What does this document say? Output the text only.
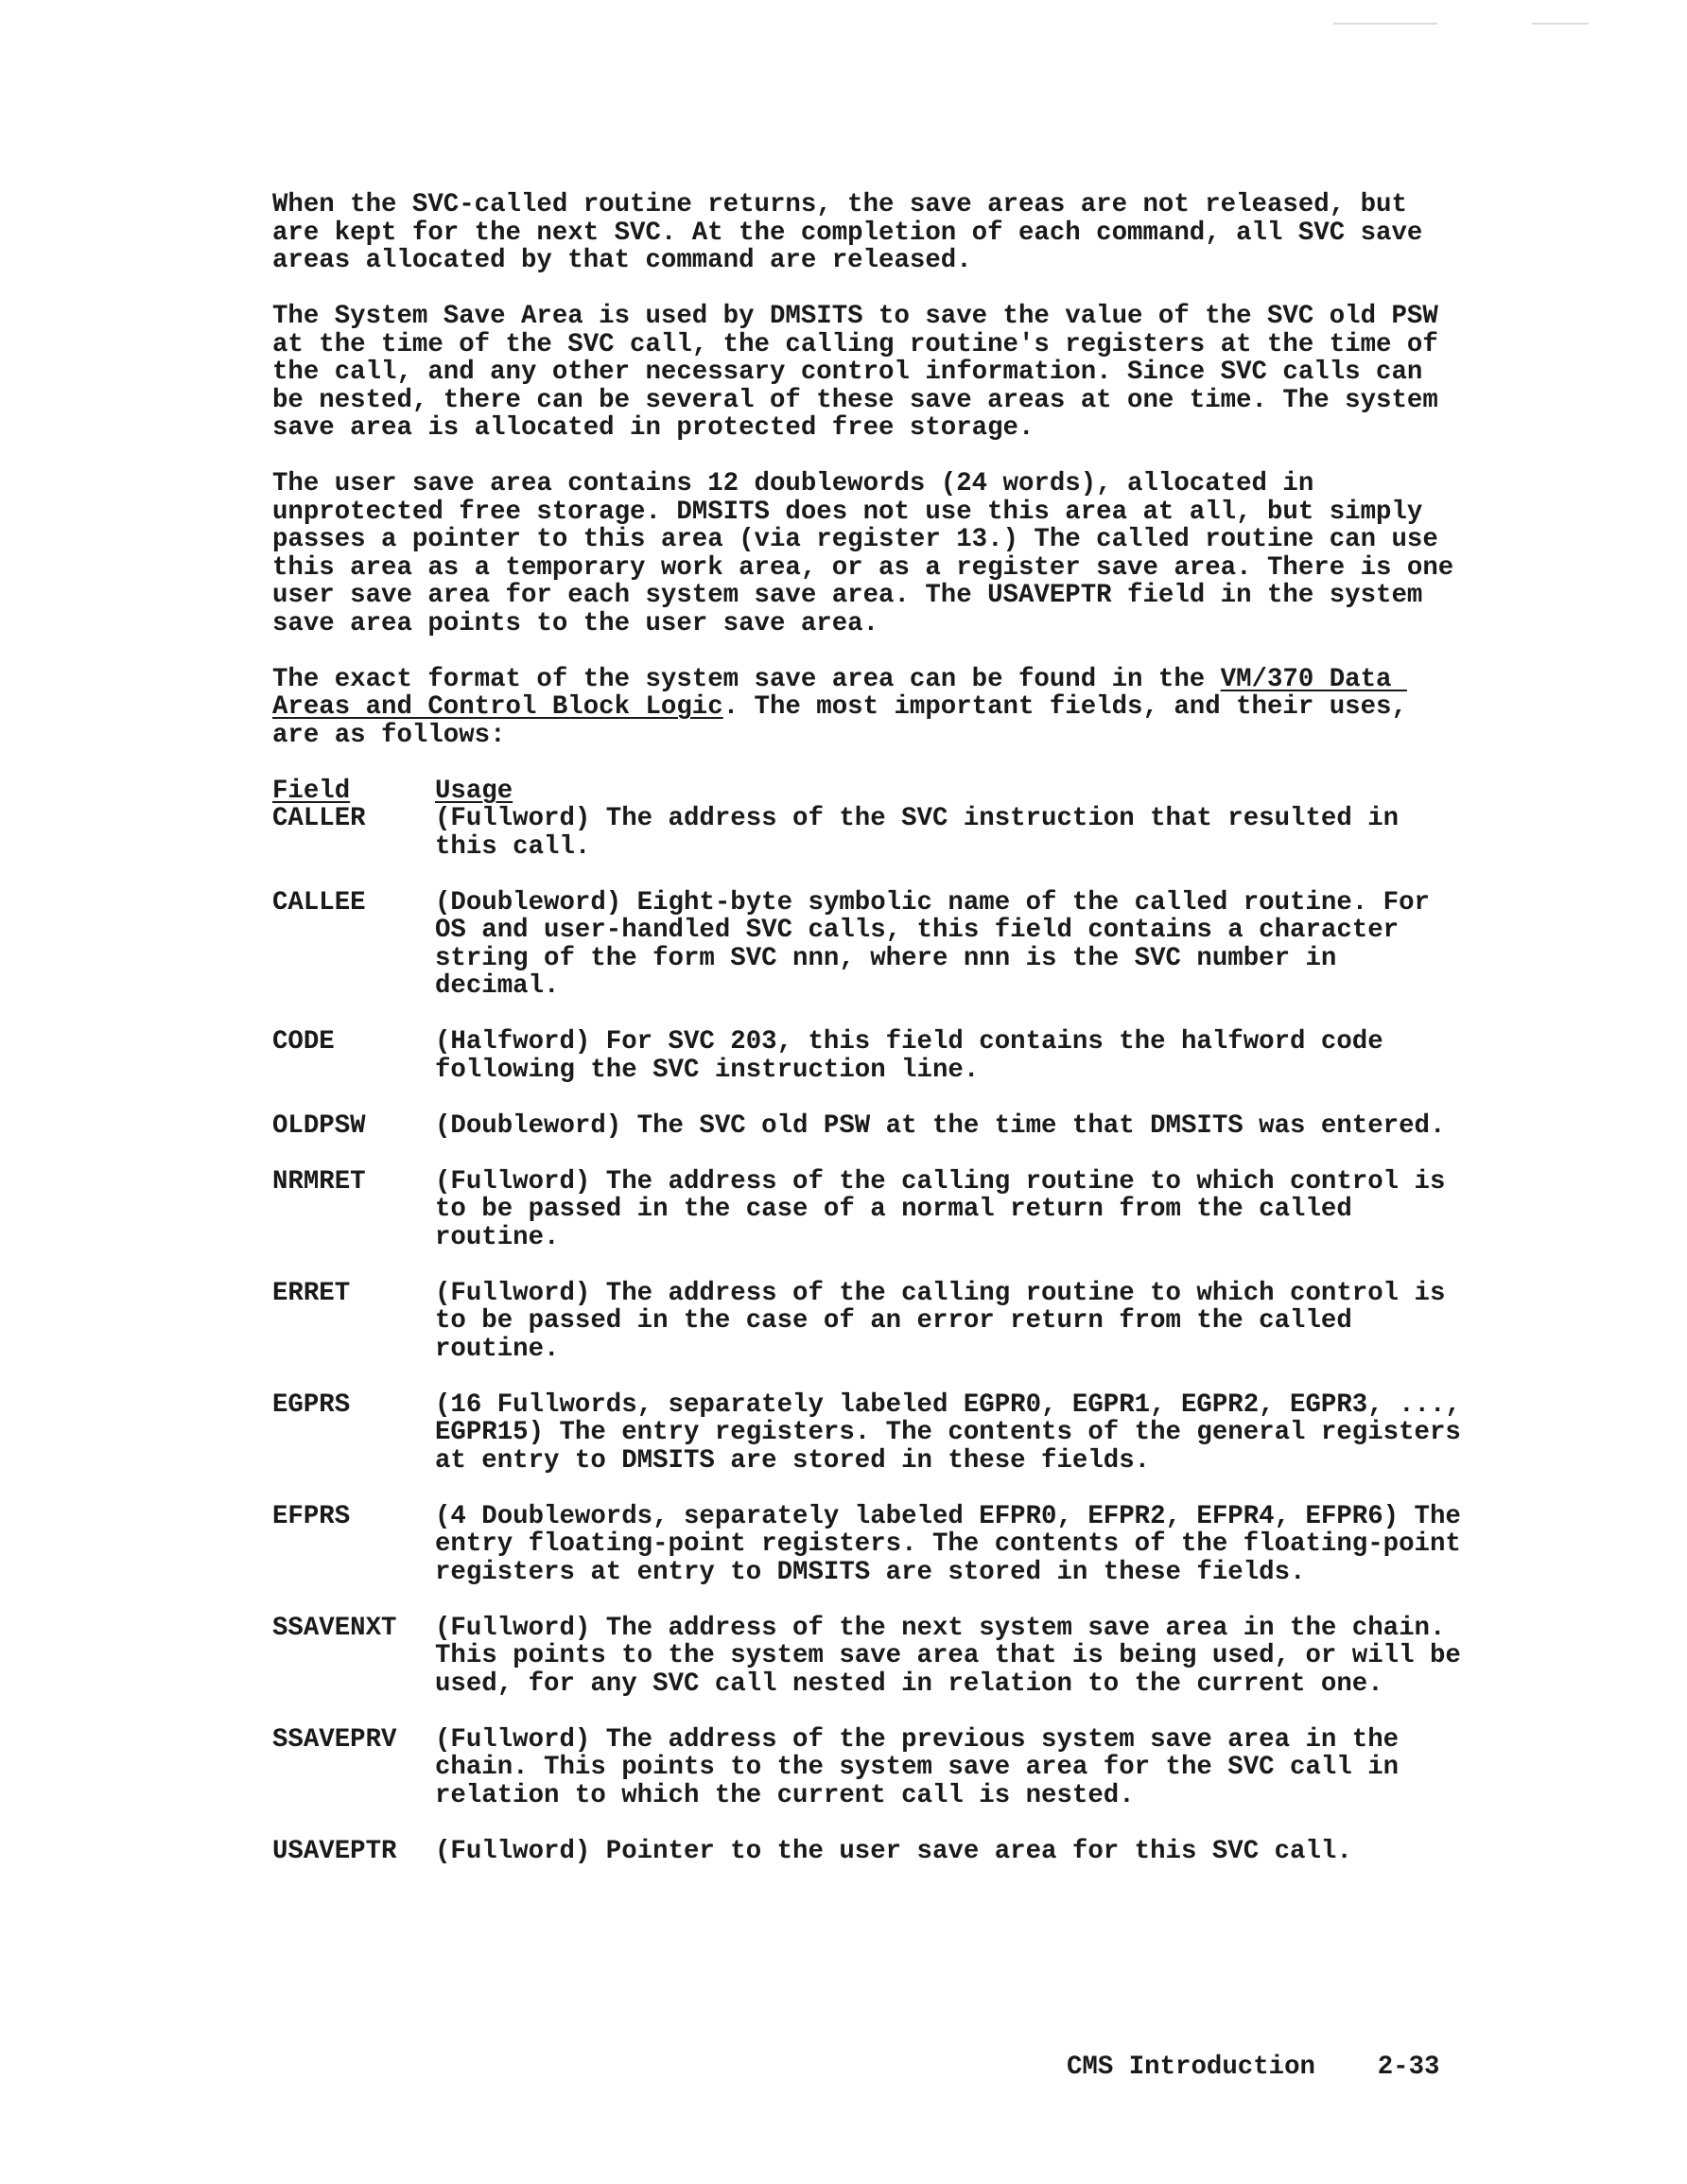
When the SVC-called routine returns, the save areas are not released, but are kept for the next SVC. At the completion of each command, all SVC save areas allocated by that command are released.

The System Save Area is used by DMSITS to save the value of the SVC old PSW at the time of the SVC call, the calling routine's registers at the time of the call, and any other necessary control information. Since SVC calls can be nested, there can be several of these save areas at one time. The system save area is allocated in protected free storage.

The user save area contains 12 doublewords (24 words), allocated in unprotected free storage. DMSITS does not use this area at all, but simply passes a pointer to this area (via register 13.) The called routine can use this area as a temporary work area, or as a register save area. There is one user save area for each system save area. The USAVEPTR field in the system save area points to the user save area.

The exact format of the system save area can be found in the VM/370 Data Areas and Control Block Logic. The most important fields, and their uses, are as follows:

Field	Usage
CALLER	(Fullword) The address of the SVC instruction that resulted in this call.
CALLEE	(Doubleword) Eight-byte symbolic name of the called routine. For OS and user-handled SVC calls, this field contains a character string of the form SVC nnn, where nnn is the SVC number in decimal.
CODE	(Halfword) For SVC 203, this field contains the halfword code following the SVC instruction line.
OLDPSW	(Doubleword) The SVC old PSW at the time that DMSITS was entered.
NRMRET	(Fullword) The address of the calling routine to which control is to be passed in the case of a normal return from the called routine.
ERRET	(Fullword) The address of the calling routine to which control is to be passed in the case of an error return from the called routine.
EGPRS	(16 Fullwords, separately labeled EGPR0, EGPR1, EGPR2, EGPR3, ..., EGPR15) The entry registers. The contents of the general registers at entry to DMSITS are stored in these fields.
EFPRS	(4 Doublewords, separately labeled EFPR0, EFPR2, EFPR4, EFPR6) The entry floating-point registers. The contents of the floating-point registers at entry to DMSITS are stored in these fields.
SSAVENXT	(Fullword) The address of the next system save area in the chain. This points to the system save area that is being used, or will be used, for any SVC call nested in relation to the current one.
SSAVEPRV	(Fullword) The address of the previous system save area in the chain. This points to the system save area for the SVC call in relation to which the current call is nested.
USAVEPTR	(Fullword) Pointer to the user save area for this SVC call.
CMS Introduction 2-33
